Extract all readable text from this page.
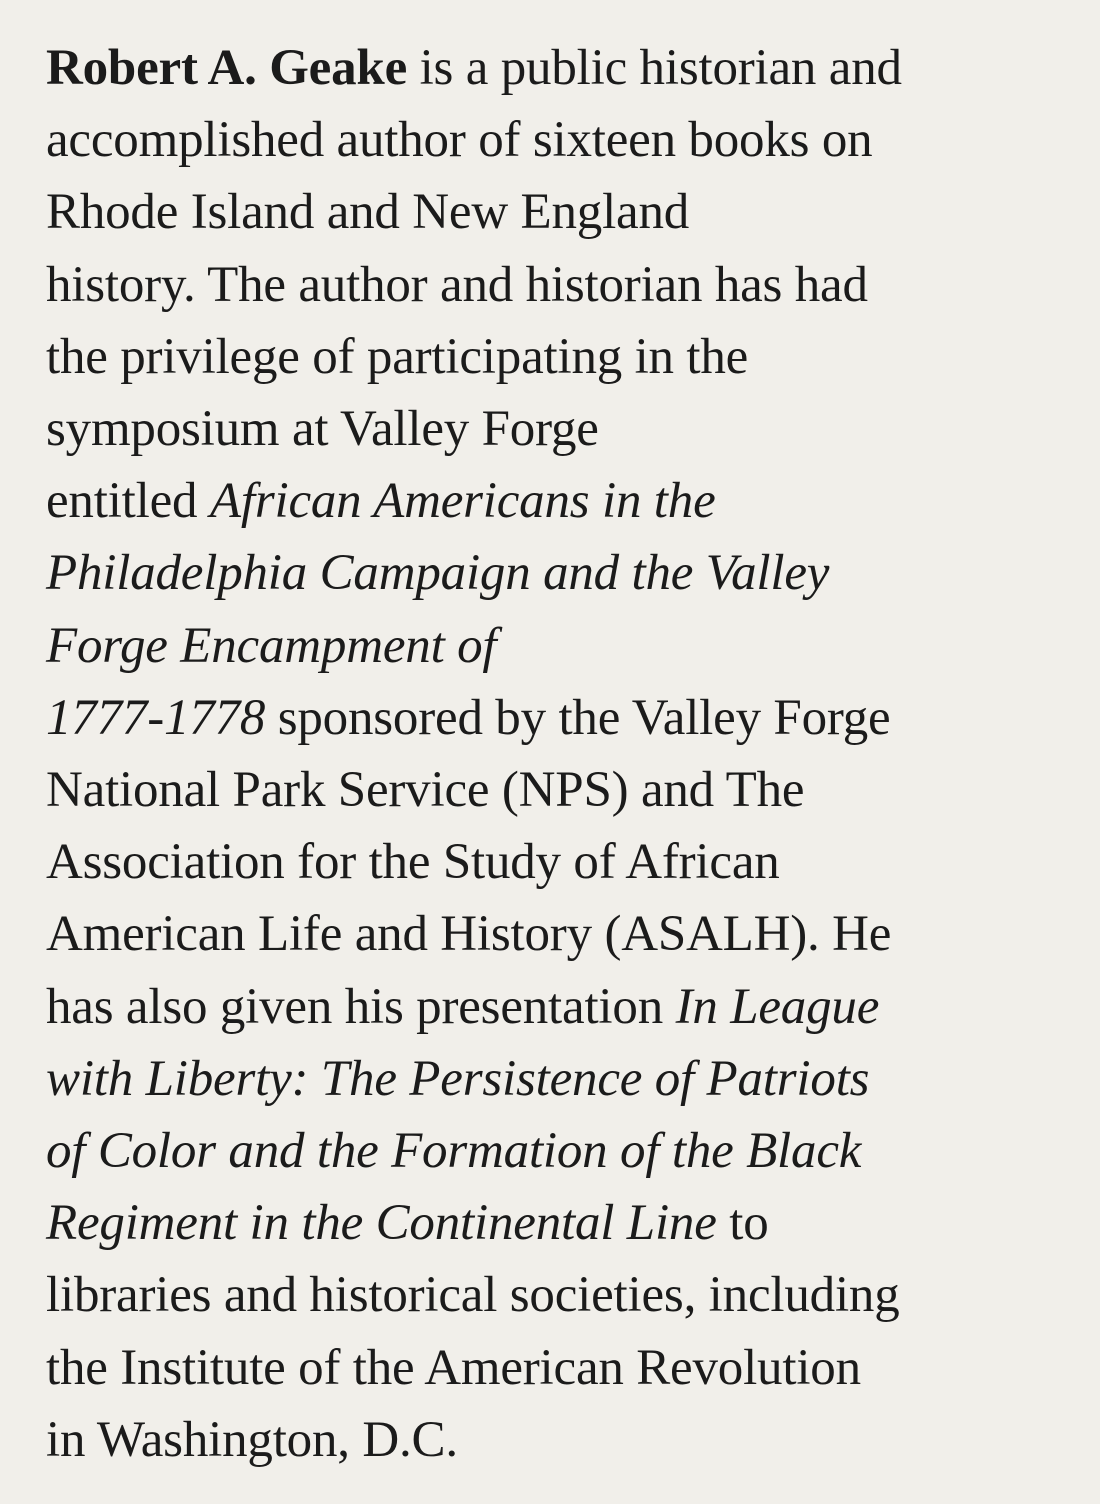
Robert A. Geake is a public historian and
accomplished author of sixteen books on
Rhode Island and New England
history. The author and historian has had
the privilege of participating in the
symposium at Valley Forge
entitled African Americans in the
Philadelphia Campaign and the Valley
Forge Encampment of
1777-1778 sponsored by the Valley Forge
National Park Service (NPS) and The
Association for the Study of African
American Life and History (ASALH). He
has also given his presentation In League
with Liberty: The Persistence of Patriots
of Color and the Formation of the Black
Regiment in the Continental Line to
libraries and historical societies, including
the Institute of the American Revolution
in Washington, D.C.
